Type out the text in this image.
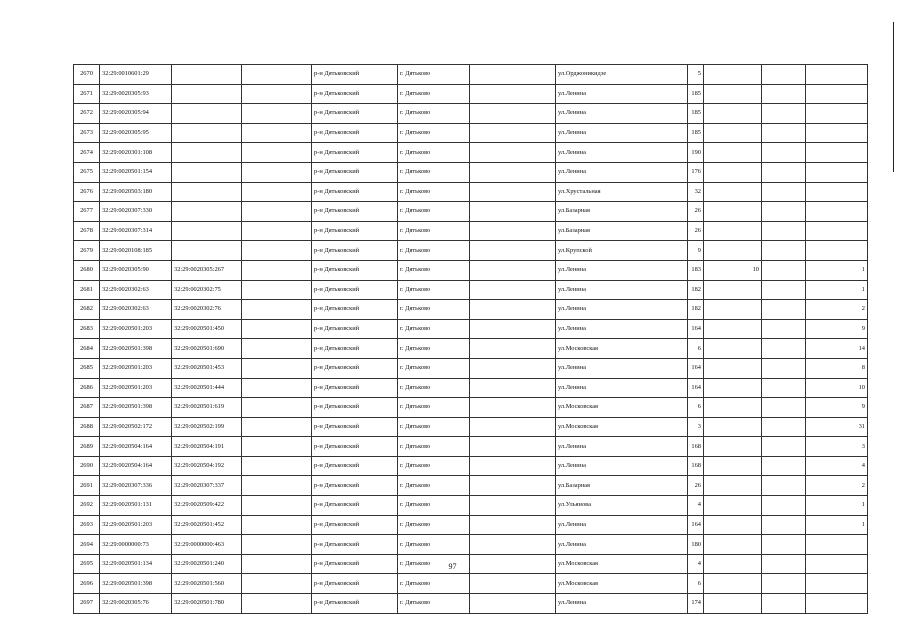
2670	32:29:0010601:29			р-н Дятьковский	г. Дятьково		ул.Орджоникидзе	5			
2671	32:29:0020305:93			р-н Дятьковский	г. Дятьково		ул.Ленина	185			
2672	32:29:0020305:94			р-н Дятьковский	г. Дятьково		ул.Ленина	185			
2673	32:29:0020305:95			р-н Дятьковский	г. Дятьково		ул.Ленина	185			
2674	32:29:0020301:108			р-н Дятьковский	г. Дятьково		ул.Ленина	190			
2675	32:29:0020501:154			р-н Дятьковский	г. Дятьково		ул.Ленина	176			
2676	32:29:0020503:180			р-н Дятьковский	г. Дятьково		ул.Хрустальная	32			
2677	32:29:0020307:330			р-н Дятьковский	г. Дятьково		ул.Базарная	26			
2678	32:29:0020307:314			р-н Дятьковский	г. Дятьково		ул.Базарная	26			
2679	32:29:0020108:185			р-н Дятьковский	г. Дятьково		ул.Крупской	9			
2680	32:29:0020305:90	32:29:0020305:267		р-н Дятьковский	г. Дятьково		ул.Ленина	183	10		1
2681	32:29:0020302:63	32:29:0020302:75		р-н Дятьковский	г. Дятьково		ул.Ленина	182			1
2682	32:29:0020302:63	32:29:0020302:76		р-н Дятьковский	г. Дятьково		ул.Ленина	182			2
2683	32:29:0020501:203	32:29:0020501:450		р-н Дятьковский	г. Дятьково		ул.Ленина	164			9
2684	32:29:0020501:398	32:29:0020501:690		р-н Дятьковский	г. Дятьково		ул.Московская	6			14
2685	32:29:0020501:203	32:29:0020501:453		р-н Дятьковский	г. Дятьково		ул.Ленина	164			8
2686	32:29:0020501:203	32:29:0020501:444		р-н Дятьковский	г. Дятьково		ул.Ленина	164			10
2687	32:29:0020501:398	32:29:0020501:619		р-н Дятьковский	г. Дятьково		ул.Московская	6			9
2688	32:29:0020502:172	32:29:0020502:199		р-н Дятьковский	г. Дятьково		ул.Московская	3			31
2689	32:29:0020504:164	32:29:0020504:191		р-н Дятьковский	г. Дятьково		ул.Ленина	168			3
2690	32:29:0020504:164	32:29:0020504:192		р-н Дятьковский	г. Дятьково		ул.Ленина	168			4
2691	32:29:0020307:336	32:29:0020307:337		р-н Дятьковский	г. Дятьково		ул.Базарная	26			2
2692	32:29:0020501:131	32:29:0020509:422		р-н Дятьковский	г. Дятьково		ул.Ульянова	4			1
2693	32:29:0020501:203	32:29:0020501:452		р-н Дятьковский	г. Дятьково		ул.Ленина	164			1
2694	32:29:0000000:73	32:29:0000000:463		р-н Дятьковский	г. Дятьково		ул.Ленина	180			
2695	32:29:0020501:134	32:29:0020501:240		р-н Дятьковский	г. Дятьково		ул.Московская	4			
2696	32:29:0020501:398	32:29:0020501:560		р-н Дятьковский	г. Дятьково		ул.Московская	6			
2697	32:29:0020305:76	32:29:0020501:780		р-н Дятьковский	г. Дятьково		ул.Ленина	174			
97
